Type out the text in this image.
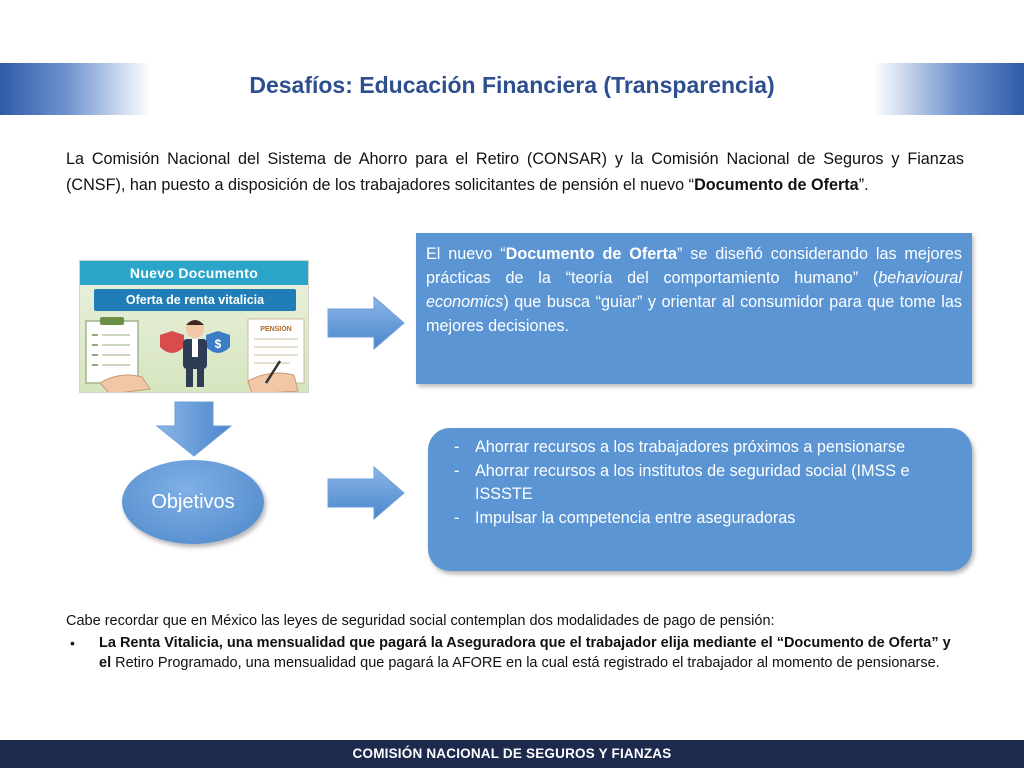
Desafíos: Educación Financiera (Transparencia)

La Comisión Nacional del Sistema de Ahorro para el Retiro (CONSAR) y la Comisión Nacional de Seguros y Fianzas (CNSF), han puesto a disposición de los trabajadores solicitantes de pensión el nuevo “Documento de Oferta”.

Nuevo Documento
Oferta de renta vitalicia
$
PENSIÓN
El nuevo “Documento de Oferta” se diseñó considerando las mejores prácticas de la “teoría del comportamiento humano” (behavioural economics) que busca “guiar” y orientar al consumidor para que tome las mejores decisiones.
Objetivos
- Ahorrar recursos a los trabajadores próximos a pensionarse
- Ahorrar recursos a los institutos de seguridad social (IMSS e ISSSTE
- Impulsar la competencia entre aseguradoras
Cabe recordar que en México las leyes de seguridad social contemplan dos modalidades de pago de pensión:
• La Renta Vitalicia, una mensualidad que pagará la Aseguradora que el trabajador elija mediante el “Documento de Oferta” y el Retiro Programado, una mensualidad que pagará la AFORE en la cual está registrado el trabajador al momento de pensionarse.
COMISIÓN NACIONAL DE SEGUROS Y FIANZAS
